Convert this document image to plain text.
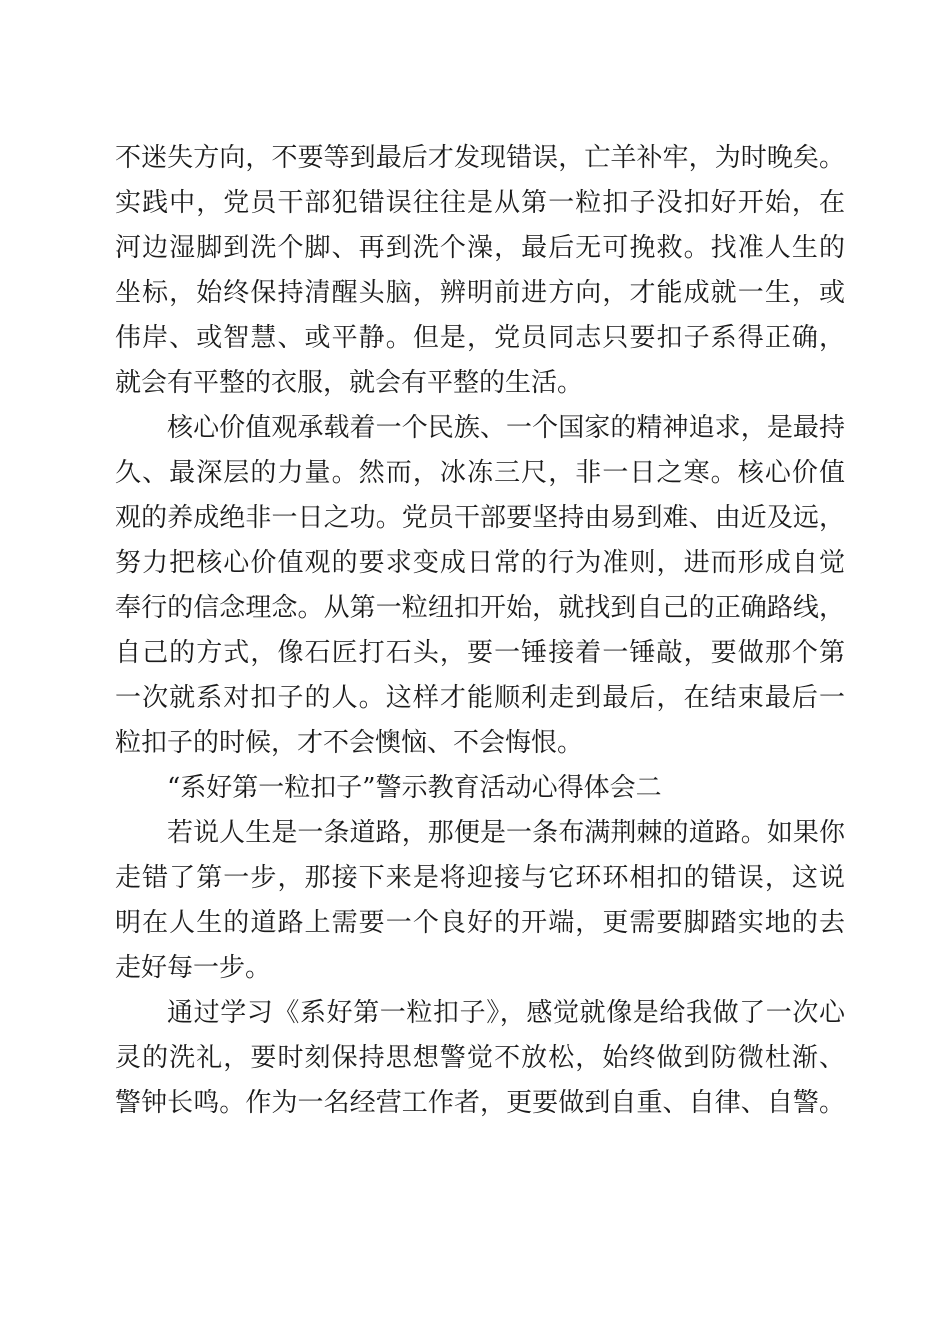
不迷失方向，不要等到最后才发现错误，亡羊补牢，为时晚矣。
实践中，党员干部犯错误往往是从第一粒扣子没扣好开始，在
河边湿脚到洗个脚、再到洗个澡，最后无可挽救。找准人生的
坐标，始终保持清醒头脑，辨明前进方向，才能成就一生，或
伟岸、或智慧、或平静。但是，党员同志只要扣子系得正确，
就会有平整的衣服，就会有平整的生活。
核心价值观承载着一个民族、一个国家的精神追求，是最持
久、最深层的力量。然而，冰冻三尺，非一日之寒。核心价值
观的养成绝非一日之功。党员干部要坚持由易到难、由近及远，
努力把核心价值观的要求变成日常的行为准则，进而形成自觉
奉行的信念理念。从第一粒纽扣开始，就找到自己的正确路线，
自己的方式，像石匠打石头，要一锤接着一锤敲，要做那个第
一次就系对扣子的人。这样才能顺利走到最后，在结束最后一
粒扣子的时候，才不会懊恼、不会悔恨。
“系好第一粒扣子”警示教育活动心得体会二
若说人生是一条道路，那便是一条布满荆棘的道路。如果你
走错了第一步，那接下来是将迎接与它环环相扣的错误，这说
明在人生的道路上需要一个良好的开端，更需要脚踏实地的去
走好每一步。
通过学习《系好第一粒扣子》，感觉就像是给我做了一次心
灵的洗礼，要时刻保持思想警觉不放松，始终做到防微杜渐、
警钟长鸣。作为一名经营工作者，更要做到自重、自律、自警。
